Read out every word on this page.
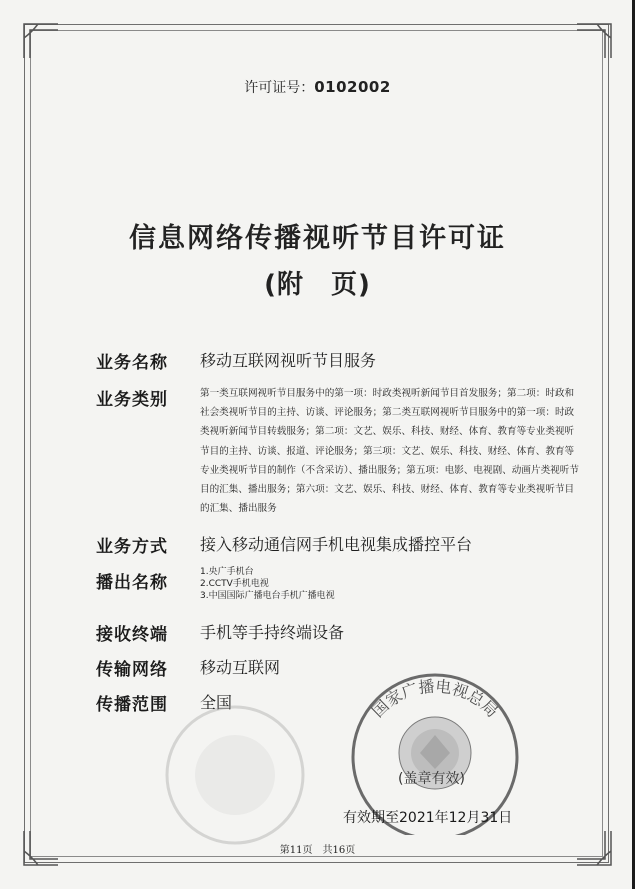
许可证号：0102002
信息网络传播视听节目许可证
(附　页)
业务名称 移动互联网视听节目服务
业务类别	第一类互联网视听节目服务中的第一项：时政类视听新闻节目首发服务；第二项：时政和社会类视听节目的主持、访谈、评论服务；第二类互联网视听节目服务中的第一项：时政类视听新闻节目转载服务；第二项：文艺、娱乐、科技、财经、体育、教育等专业类视听节目的主持、访谈、报道、评论服务；第三项：文艺、娱乐、科技、财经、体育、教育等专业类视听节目的制作（不含采访）、播出服务；第五项：电影、电视剧、动画片类视听节目的汇集、播出服务；第六项：文艺、娱乐、科技、财经、体育、教育等专业类视听节目的汇集、播出服务
业务方式 接入移动通信网手机电视集成播控平台
播出名称
1.央广手机台
2.CCTV手机电视
3.中国国际广播电台手机广播电视
接收终端 手机等手持终端设备
传输网络 移动互联网
传播范围 全国	国家广播电视总局
(盖章有效)
有效期至2021年12月31日
第11页　共16页
